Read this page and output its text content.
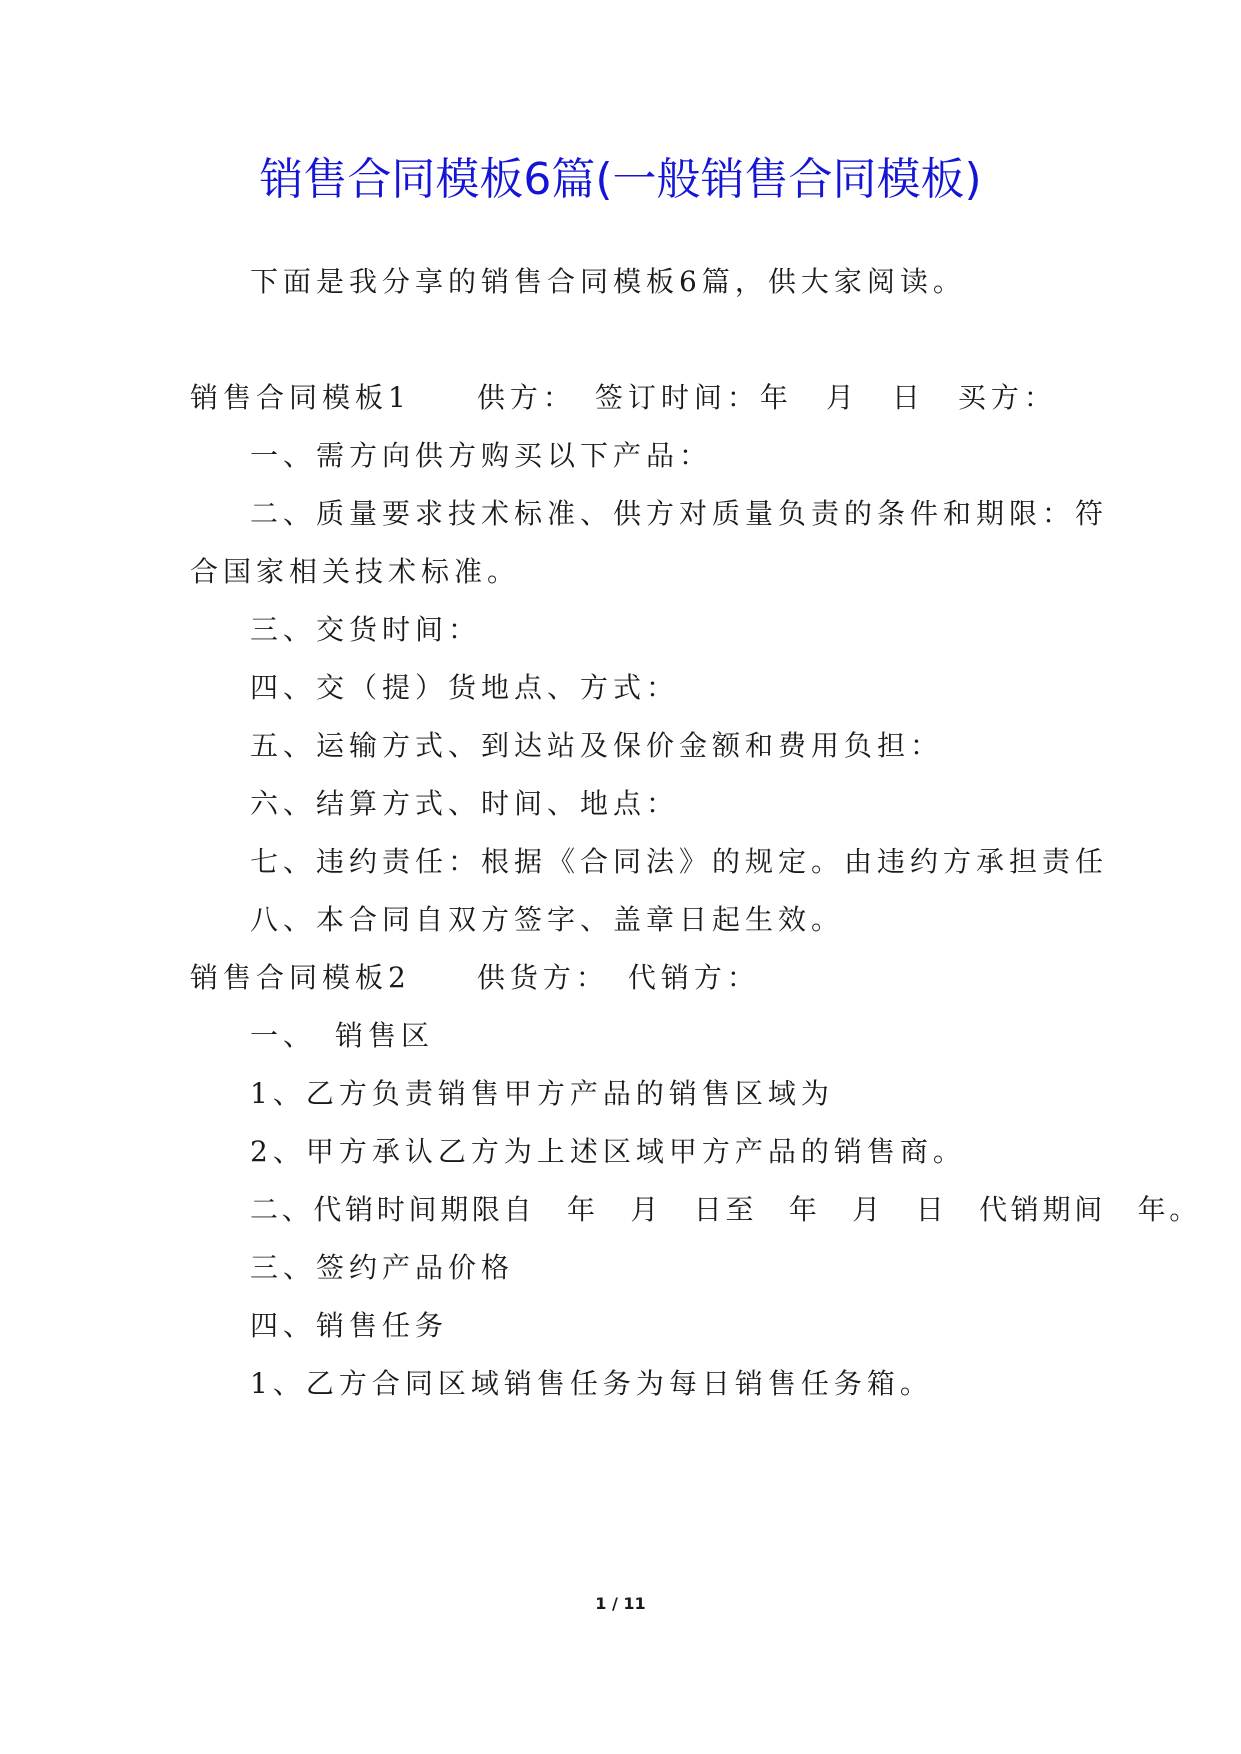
销售合同模板6篇(一般销售合同模板)
下面是我分享的销售合同模板6篇，供大家阅读。
销售合同模板1　　供方：　签订时间：年　月　日　买方：
一、需方向供方购买以下产品：
二、质量要求技术标准、供方对质量负责的条件和期限：符
合国家相关技术标准。
三、交货时间：
四、交（提）货地点、方式：
五、运输方式、到达站及保价金额和费用负担：
六、结算方式、时间、地点：
七、违约责任：根据《合同法》的规定。由违约方承担责任
八、本合同自双方签字、盖章日起生效。
销售合同模板2　　供货方：　代销方：
一、　销售区
1、乙方负责销售甲方产品的销售区域为
2、甲方承认乙方为上述区域甲方产品的销售商。
二、代销时间期限自　年　月　日至　年　月　日　代销期间　年。
三、签约产品价格
四、销售任务
1、乙方合同区域销售任务为每日销售任务箱。
1 / 11
